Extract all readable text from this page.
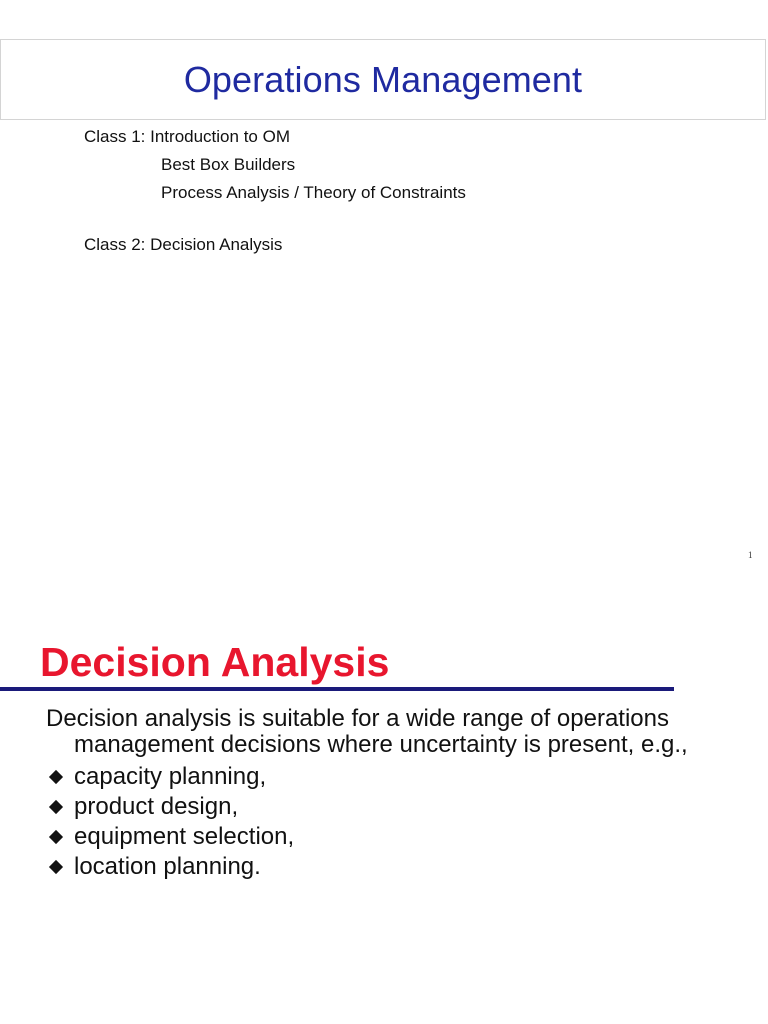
Operations Management
Class 1: Introduction to OM
Best Box Builders
Process Analysis / Theory of Constraints
Class 2: Decision Analysis
1
Decision Analysis

Decision analysis is suitable for a wide range of operations management decisions where uncertainty is present, e.g.,

capacity planning,
product design,
equipment selection,
location planning.
